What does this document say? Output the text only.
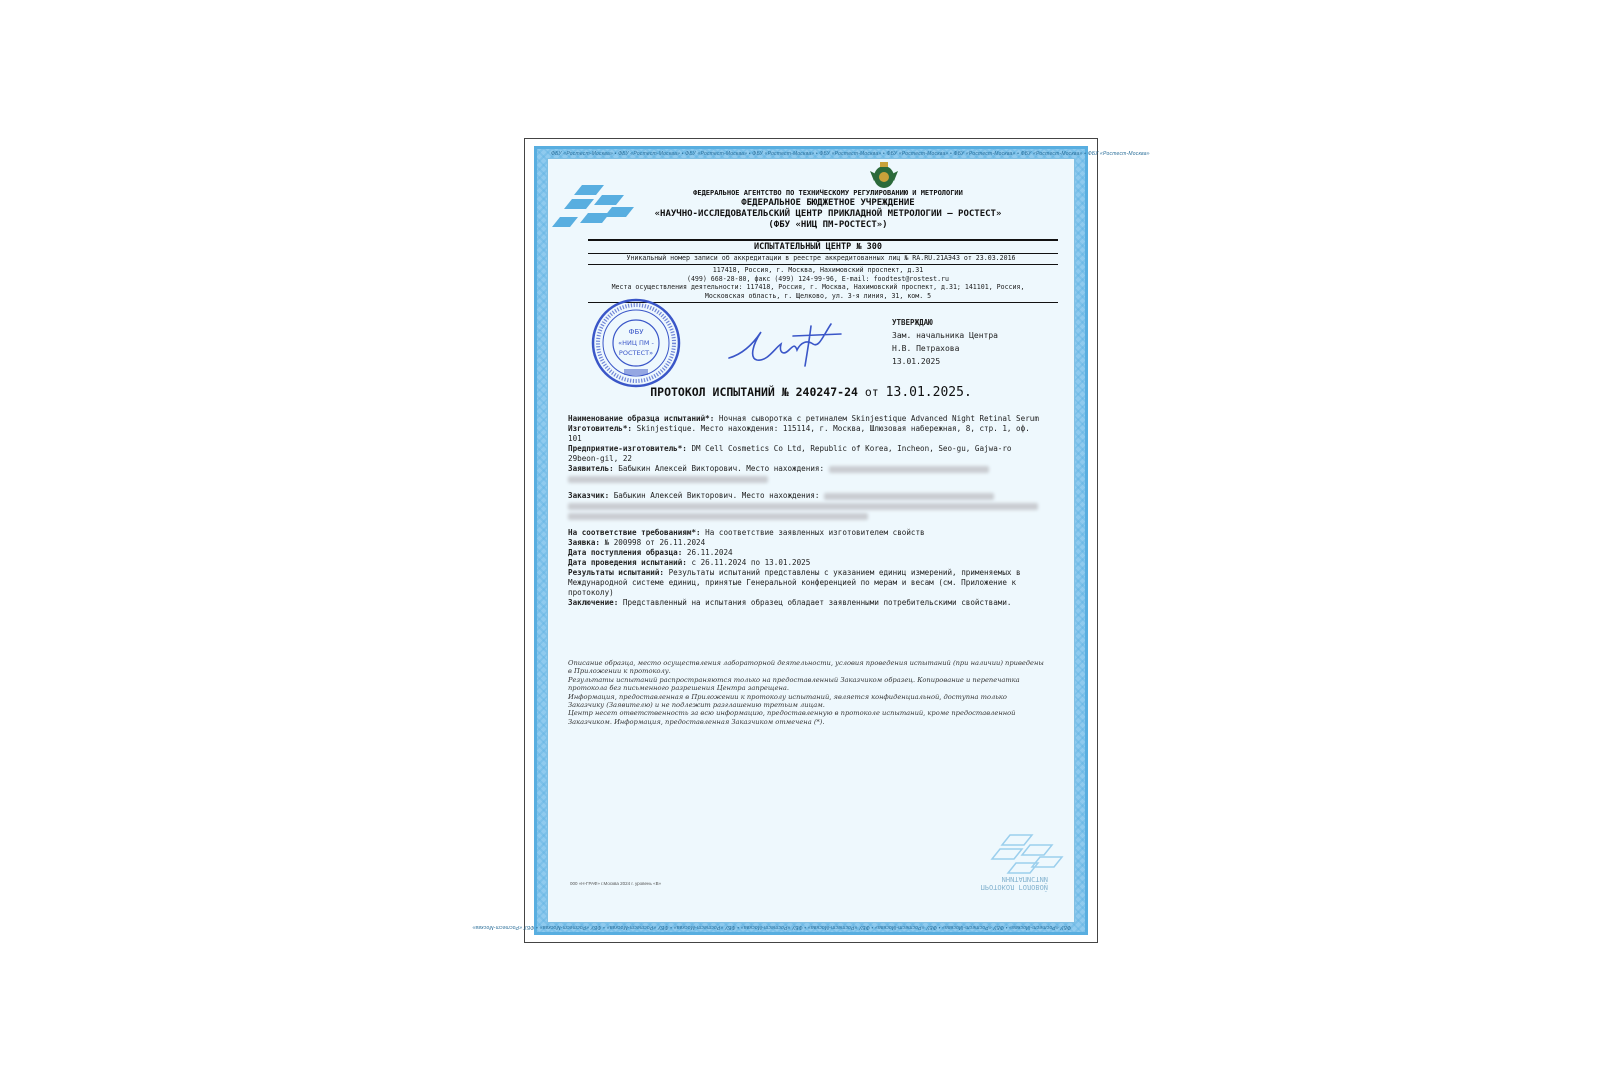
ФБУ «Ростест-Москва» • ФБУ «Ростест-Москва» • ФБУ «Ростест-Москва» • ФБУ «Ростест-Москва» • ФБУ «Ростест-Москва» • ФБУ «Ростест-Москва» • ФБУ «Ростест-Москва» • ФБУ «Ростест-Москва» • ФБУ «Ростест-Москва»
ФБУ «Ростест-Москва» • ФБУ «Ростест-Москва» • ФБУ «Ростест-Москва» • ФБУ «Ростест-Москва» • ФБУ «Ростест-Москва» • ФБУ «Ростест-Москва» • ФБУ «Ростест-Москва» • ФБУ «Ростест-Москва» • ФБУ «Ростест-Москва»
ФЕДЕРАЛЬНОЕ АГЕНТСТВО ПО ТЕХНИЧЕСКОМУ РЕГУЛИРОВАНИЮ И МЕТРОЛОГИИ
ФЕДЕРАЛЬНОЕ БЮДЖЕТНОЕ УЧРЕЖДЕНИЕ
«НАУЧНО-ИССЛЕДОВАТЕЛЬСКИЙ ЦЕНТР ПРИКЛАДНОЙ МЕТРОЛОГИИ – РОСТЕСТ»
(ФБУ «НИЦ ПМ-РОСТЕСТ»)
ИСПЫТАТЕЛЬНЫЙ ЦЕНТР № 300
Уникальный номер записи об аккредитации в реестре аккредитованных лиц № RA.RU.21АЭ43 от 23.03.2016
117418, Россия, г. Москва, Нахимовский проспект, д.31
(499) 668-28-80, факс (499) 124-99-96, E-mail: foodtest@rostest.ru
Места осуществления деятельности: 117418, Россия, г. Москва, Нахимовский проспект, д.31; 141101, Россия,
Московская область, г. Щелково, ул. 3-я линия, 31, ком. 5
ФБУ
«НИЦ ПМ -
РОСТЕСТ»
УТВЕРЖДАЮ
Зам. начальника Центра
Н.В. Петрахова
13.01.2025
ПРОТОКОЛ ИСПЫТАНИЙ № 240247-24 от 13.01.2025.

Наименование образца испытаний*: Ночная сыворотка с ретиналем Skinjestique Advanced Night Retinal Serum

Изготовитель*: Skinjestique. Место нахождения: 115114, г. Москва, Шлюзовая набережная, 8, стр. 1, оф. 101

Предприятие-изготовитель*: DM Cell Cosmetics Co Ltd, Republic of Korea, Incheon, Seo-gu, Gajwa-ro 29beon-gil, 22

Заявитель: Бабыкин Алексей Викторович. Место нахождения:

Заказчик: Бабыкин Алексей Викторович. Место нахождения:

На соответствие требованиям*: На соответствие заявленных изготовителем свойств

Заявка: № 200998 от 26.11.2024

Дата поступления образца: 26.11.2024

Дата проведения испытаний: с 26.11.2024 по 13.01.2025

Результаты испытаний: Результаты испытаний представлены с указанием единиц измерений, применяемых в Международной системе единиц, принятые Генеральной конференцией по мерам и весам (см. Приложение к протоколу)

Заключение: Представленный на испытания образец обладает заявленными потребительскими свойствами.

Описание образца, место осуществления лабораторной деятельности, условия проведения испытаний (при наличии) приведены в Приложении к протоколу.
Результаты испытаний распространяются только на предоставленный Заказчиком образец. Копирование и перепечатка протокола без письменного разрешения Центра запрещена.
Информация, предоставленная в Приложении к протоколу испытаний, является конфиденциальной, доступна только Заказчику (Заявителю) и не подлежит разглашению третьим лицам.
Центр несет ответственность за всю информацию, предоставленную в протоколе испытаний, кроме предоставленной Заказчиком. Информация, предоставленная Заказчиком отмечена (*).
ПРОТОКОЛ ГОЛОВОЙ
ИНИТАПИСТИЙ
000 «Н-ГРАФ» г.Москва 2024 г. уровень «В»
